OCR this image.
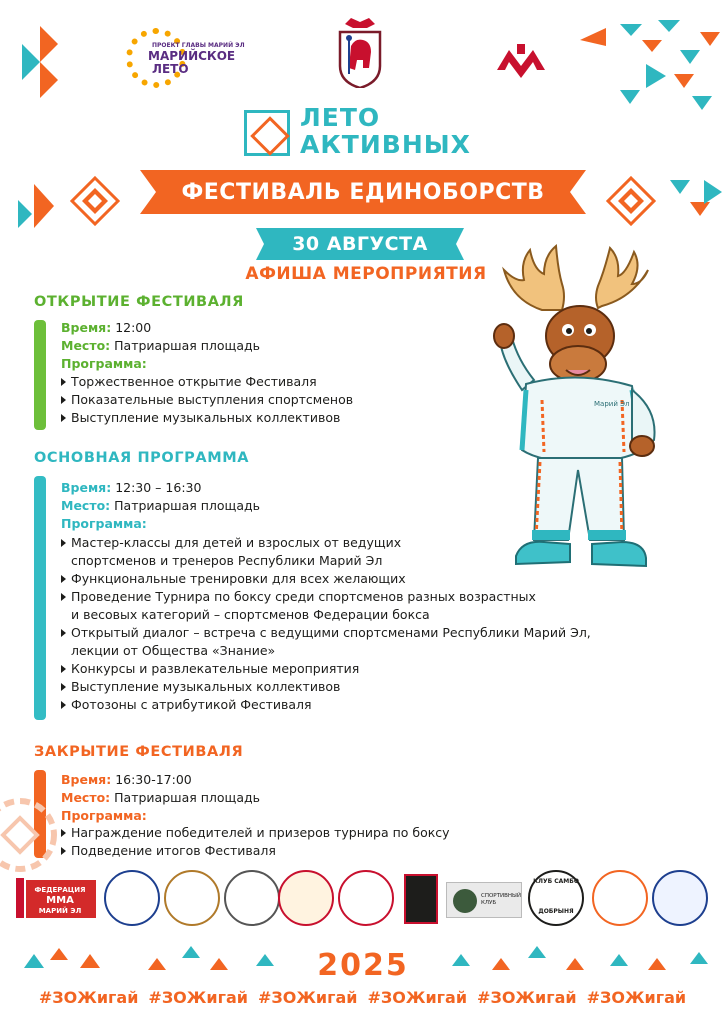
ПРОЕКТ ГЛАВЫ МАРИЙ ЭЛ
МАРИЙСКОЕ
ЛЕТО
ЛЕТО
АКТИВНЫХ
ФЕСТИВАЛЬ ЕДИНОБОРСТВ
30 АВГУСТА
АФИША МЕРОПРИЯТИЯ
ОТКРЫТИЕ ФЕСТИВАЛЯ
Время: 12:00
Место: Патриаршая площадь
Программа:
Торжественное открытие Фестиваля
Показательные выступления спортсменов
Выступление музыкальных коллективов
ОСНОВНАЯ ПРОГРАММА
Время: 12:30 – 16:30
Место: Патриаршая площадь
Программа:
Мастер-классы для детей и взрослых от ведущих
спортсменов и тренеров Республики Марий Эл
Функциональные тренировки для всех желающих
Проведение Турнира по боксу среди спортсменов разных возрастных
и весовых категорий – спортсменов Федерации бокса
Открытый диалог – встреча с ведущими спортсменами Республики Марий Эл,
лекции от Общества «Знание»
Конкурсы и развлекательные мероприятия
Выступление музыкальных коллективов
Фотозоны с атрибутикой Фестиваля
ЗАКРЫТИЕ ФЕСТИВАЛЯ
Время: 16:30-17:00
Место: Патриаршая площадь
Программа:
Награждение победителей и призеров турнира по боксу
Подведение итогов Фестиваля
Марий Эл
ФЕДЕРАЦИЯ
ММА
МАРИЙ ЭЛ
СПОРТИВНЫЙ КЛУБ
КЛУБ САМБО
ДОБРЫНЯ
2025
#ЗОЖигай #ЗОЖигай #ЗОЖигай #ЗОЖигай #ЗОЖигай #ЗОЖигай
